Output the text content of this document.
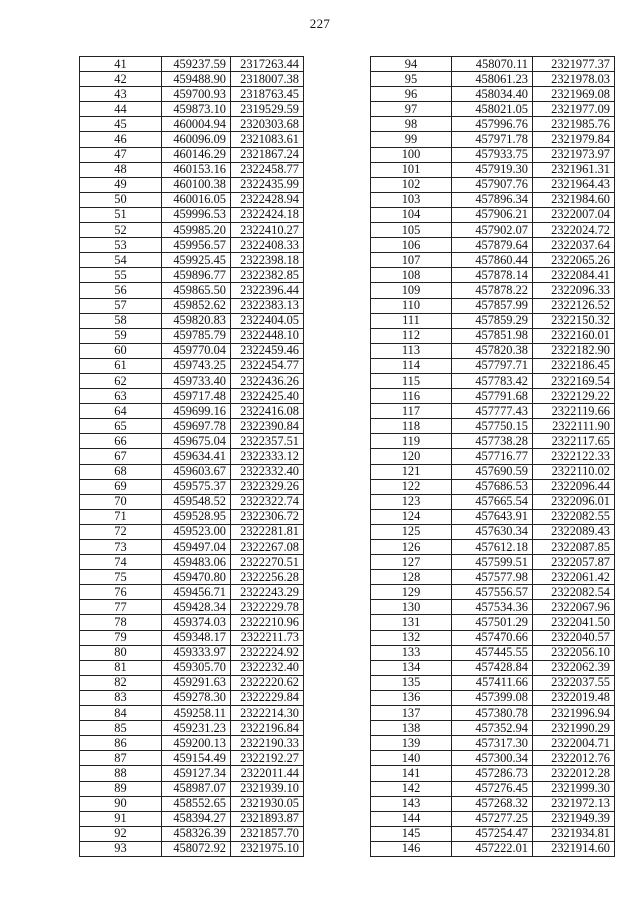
227
41	459237.59	2317263.44
42	459488.90	2318007.38
43	459700.93	2318763.45
44	459873.10	2319529.59
45	460004.94	2320303.68
46	460096.09	2321083.61
47	460146.29	2321867.24
48	460153.16	2322458.77
49	460100.38	2322435.99
50	460016.05	2322428.94
51	459996.53	2322424.18
52	459985.20	2322410.27
53	459956.57	2322408.33
54	459925.45	2322398.18
55	459896.77	2322382.85
56	459865.50	2322396.44
57	459852.62	2322383.13
58	459820.83	2322404.05
59	459785.79	2322448.10
60	459770.04	2322459.46
61	459743.25	2322454.77
62	459733.40	2322436.26
63	459717.48	2322425.40
64	459699.16	2322416.08
65	459697.78	2322390.84
66	459675.04	2322357.51
67	459634.41	2322333.12
68	459603.67	2322332.40
69	459575.37	2322329.26
70	459548.52	2322322.74
71	459528.95	2322306.72
72	459523.00	2322281.81
73	459497.04	2322267.08
74	459483.06	2322270.51
75	459470.80	2322256.28
76	459456.71	2322243.29
77	459428.34	2322229.78
78	459374.03	2322210.96
79	459348.17	2322211.73
80	459333.97	2322224.92
81	459305.70	2322232.40
82	459291.63	2322220.62
83	459278.30	2322229.84
84	459258.11	2322214.30
85	459231.23	2322196.84
86	459200.13	2322190.33
87	459154.49	2322192.27
88	459127.34	2322011.44
89	458987.07	2321939.10
90	458552.65	2321930.05
91	458394.27	2321893.87
92	458326.39	2321857.70
93	458072.92	2321975.10
94	458070.11	2321977.37
95	458061.23	2321978.03
96	458034.40	2321969.08
97	458021.05	2321977.09
98	457996.76	2321985.76
99	457971.78	2321979.84
100	457933.75	2321973.97
101	457919.30	2321961.31
102	457907.76	2321964.43
103	457896.34	2321984.60
104	457906.21	2322007.04
105	457902.07	2322024.72
106	457879.64	2322037.64
107	457860.44	2322065.26
108	457878.14	2322084.41
109	457878.22	2322096.33
110	457857.99	2322126.52
111	457859.29	2322150.32
112	457851.98	2322160.01
113	457820.38	2322182.90
114	457797.71	2322186.45
115	457783.42	2322169.54
116	457791.68	2322129.22
117	457777.43	2322119.66
118	457750.15	2322111.90
119	457738.28	2322117.65
120	457716.77	2322122.33
121	457690.59	2322110.02
122	457686.53	2322096.44
123	457665.54	2322096.01
124	457643.91	2322082.55
125	457630.34	2322089.43
126	457612.18	2322087.85
127	457599.51	2322057.87
128	457577.98	2322061.42
129	457556.57	2322082.54
130	457534.36	2322067.96
131	457501.29	2322041.50
132	457470.66	2322040.57
133	457445.55	2322056.10
134	457428.84	2322062.39
135	457411.66	2322037.55
136	457399.08	2322019.48
137	457380.78	2321996.94
138	457352.94	2321990.29
139	457317.30	2322004.71
140	457300.34	2322012.76
141	457286.73	2322012.28
142	457276.45	2321999.30
143	457268.32	2321972.13
144	457277.25	2321949.39
145	457254.47	2321934.81
146	457222.01	2321914.60
